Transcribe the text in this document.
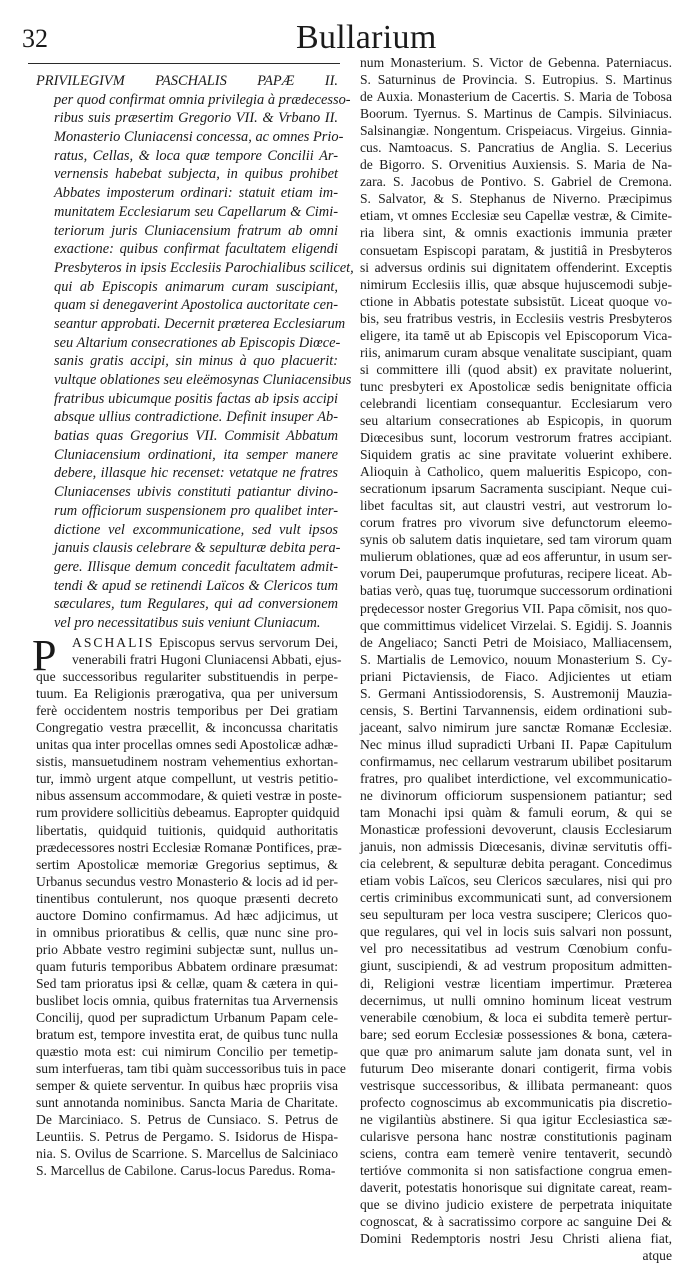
32	Bullarium
PRIVILEGIVM PASCHALIS PAPÆ II.
per quod confirmat omnia privilegia à prædecesso-
ribus suis præsertim Gregorio VII. & Vrbano II.
Monasterio Cluniacensi concessa, ac omnes Prio-
ratus, Cellas, & loca quæ tempore Concilii Ar-
vernensis habebat subjecta, in quibus prohibet
Abbates imposterum ordinari: statuit etiam im-
munitatem Ecclesiarum seu Capellarum & Cimi-
teriorum juris Cluniacensium fratrum ab omni
exactione: quibus confirmat facultatem eligendi
Presbyteros in ipsis Ecclesiis Parochialibus scilicet,
qui ab Episcopis animarum curam suscipiant,
quam si denegaverint Apostolica auctoritate cen-
seantur approbati. Decernit præterea Ecclesiarum
seu Altarium consecrationes ab Episcopis Diœce-
sanis gratis accipi, sin minus à quo placuerit:
vultque oblationes seu eleëmosynas Cluniacensibus
fratribus ubicumque positis factas ab ipsis accipi
absque ullius contradictione. Definit insuper Ab-
batias quas Gregorius VII. Commisit Abbatum
Cluniacensium ordinationi, ita semper manere
debere, illasque hic recenset: vetatque ne fratres
Cluniacenses ubivis constituti patiantur divino-
rum officiorum suspensionem pro qualibet inter-
dictione vel excommunicatione, sed vult ipsos
januis clausis celebrare & sepulturæ debita pera-
gere. Illisque demum concedit facultatem admit-
tendi & apud se retinendi Laïcos & Clericos tum
sæculares, tum Regulares, qui ad conversionem
vel pro necessitatibus suis veniunt Cluniacum.
P	ASCHALIS Episcopus servus servorum Dei,
venerabili fratri Hugoni Cluniacensi Abbati, ejus-
que successoribus regulariter substituendis in perpe-
tuum. Ea Religionis prærogativa, qua per universum
ferè occidentem nostris temporibus per Dei gratiam
Congregatio vestra præcellit, & inconcussa charitatis
unitas qua inter procellas omnes sedi Apostolicæ adhæ-
sistis, mansuetudinem nostram vehementius exhortan-
tur, immò urgent atque compellunt, ut vestris petitio-
nibus assensum accommodare, & quieti vestræ in poste-
rum providere sollicitiùs debeamus. Eapropter quidquid
libertatis, quidquid tuitionis, quidquid authoritatis
prædecessores nostri Ecclesiæ Romanæ Pontifices, præ-
sertim Apostolicæ memoriæ Gregorius septimus, &
Urbanus secundus vestro Monasterio & locis ad id per-
tinentibus contulerunt, nos quoque præsenti decreto
auctore Domino confirmamus. Ad hæc adjicimus, ut
in omnibus prioratibus & cellis, quæ nunc sine pro-
prio Abbate vestro regimini subjectæ sunt, nullus un-
quam futuris temporibus Abbatem ordinare præsumat:
Sed tam prioratus ipsi & cellæ, quam & cætera in qui-
buslibet locis omnia, quibus fraternitas tua Arvernensis
Concilij, quod per supradictum Urbanum Papam cele-
bratum est, tempore investita erat, de quibus tunc nulla
quæstio mota est: cui nimirum Concilio per temetip-
sum interfueras, tam tibi quàm successoribus tuis in pace
semper & quiete serventur. In quibus hæc propriis visa
sunt annotanda nominibus. Sancta Maria de Charitate.
De Marciniaco. S. Petrus de Cunsiaco. S. Petrus de
Leuntiis. S. Petrus de Pergamo. S. Isidorus de Hispa-
nia. S. Ovilus de Scarrione. S. Marcellus de Salciniaco
S. Marcellus de Cabilone. Carus-locus Paredus. Roma-
num Monasterium. S. Victor de Gebenna. Paterniacus.
S. Saturninus de Provincia. S. Eutropius. S. Martinus
de Auxia. Monasterium de Cacertis. S. Maria de Tobosa
Boorum. Tyernus. S. Martinus de Campis. Silviniacus.
Salsinangiæ. Nongentum. Crispeiacus. Virgeius. Ginnia-
cus. Namtoacus. S. Pancratius de Anglia. S. Lecerius
de Bigorro. S. Orvenitius Auxiensis. S. Maria de Na-
zara. S. Jacobus de Pontivo. S. Gabriel de Cremona.
S. Salvator, & S. Stephanus de Niverno. Præcipimus
etiam, vt omnes Ecclesiæ seu Capellæ vestræ, & Cimite-
ria libera sint, & omnis exactionis immunia præter
consuetam Espiscopi paratam, & justitiâ in Presbyteros
si adversus ordinis sui dignitatem offenderint. Exceptis
nimirum Ecclesiis illis, quæ absque hujuscemodi subje-
ctione in Abbatis potestate subsistūt. Liceat quoque vo-
bis, seu fratribus vestris, in Ecclesiis vestris Presbyteros
eligere, ita tamē ut ab Episcopis vel Episcoporum Vica-
riis, animarum curam absque venalitate suscipiant, quam
si committere illi (quod absit) ex pravitate noluerint,
tunc presbyteri ex Apostolicæ sedis benignitate officia
celebrandi licentiam consequantur. Ecclesiarum vero
seu altarium consecrationes ab Espicopis, in quorum
Diœcesibus sunt, locorum vestrorum fratres accipiant.
Siquidem gratis ac sine pravitate voluerint exhibere.
Alioquin à Catholico, quem malueritis Espicopo, con-
secrationum ipsarum Sacramenta suscipiant. Neque cui-
libet facultas sit, aut claustri vestri, aut vestrorum lo-
corum fratres pro vivorum sive defunctorum eleemo-
synis ob salutem datis inquietare, sed tam virorum quam
mulierum oblationes, quæ ad eos afferuntur, in usum ser-
vorum Dei, pauperumque profuturas, recipere liceat. Ab-
batias verò, quas tuę, tuorumque successorum ordinationi
prędecessor noster Gregorius VII. Papa cōmisit, nos quo-
que committimus videlicet Virzelai. S. Egidij. S. Joannis
de Angeliaco; Sancti Petri de Moisiaco, Malliacensem,
S. Martialis de Lemovico, nouum Monasterium S. Cy-
priani Pictaviensis, de Fiaco. Adjicientes ut etiam
S. Germani Antissiodorensis, S. Austremonij Mauzia-
censis, S. Bertini Tarvannensis, eidem ordinationi sub-
jaceant, salvo nimirum jure sanctæ Romanæ Ecclesiæ.
Nec minus illud supradicti Urbani II. Papæ Capitulum
confirmamus, nec cellarum vestrarum ubilibet positarum
fratres, pro qualibet interdictione, vel excommunicatio-
ne divinorum officiorum suspensionem patiantur; sed
tam Monachi ipsi quàm & famuli eorum, & qui se
Monasticæ professioni devoverunt, clausis Ecclesiarum
januis, non admissis Diœcesanis, divinæ servitutis offi-
cia celebrent, & sepulturæ debita peragant. Concedimus
etiam vobis Laïcos, seu Clericos sæculares, nisi qui pro
certis criminibus excommunicati sunt, ad conversionem
seu sepulturam per loca vestra suscipere; Clericos quo-
que regulares, qui vel in locis suis salvari non possunt,
vel pro necessitatibus ad vestrum Cœnobium confu-
giunt, suscipiendi, & ad vestrum propositum admitten-
di, Religioni vestræ licentiam impertimur. Præterea
decernimus, ut nulli omnino hominum liceat vestrum
venerabile cœnobium, & loca ei subdita temerè pertur-
bare; sed eorum Ecclesiæ possessiones & bona, cætera-
que quæ pro animarum salute jam donata sunt, vel in
futurum Deo miserante donari contigerit, firma vobis
vestrisque successoribus, & illibata permaneant: quos
profecto cognoscimus ab excommunicatis pia discretio-
ne vigilantiùs abstinere. Si qua igitur Ecclesiastica sæ-
cularisve persona hanc nostræ constitutionis paginam
sciens, contra eam temerè venire tentaverit, secundò
tertióve commonita si non satisfactione congrua emen-
daverit, potestatis honorisque sui dignitate careat, ream-
que se divino judicio existere de perpetrata iniquitate
cognoscat, & à sacratissimo corpore ac sanguine Dei &
Domini Redemptoris nostri Jesu Christi aliena fiat,
atque
